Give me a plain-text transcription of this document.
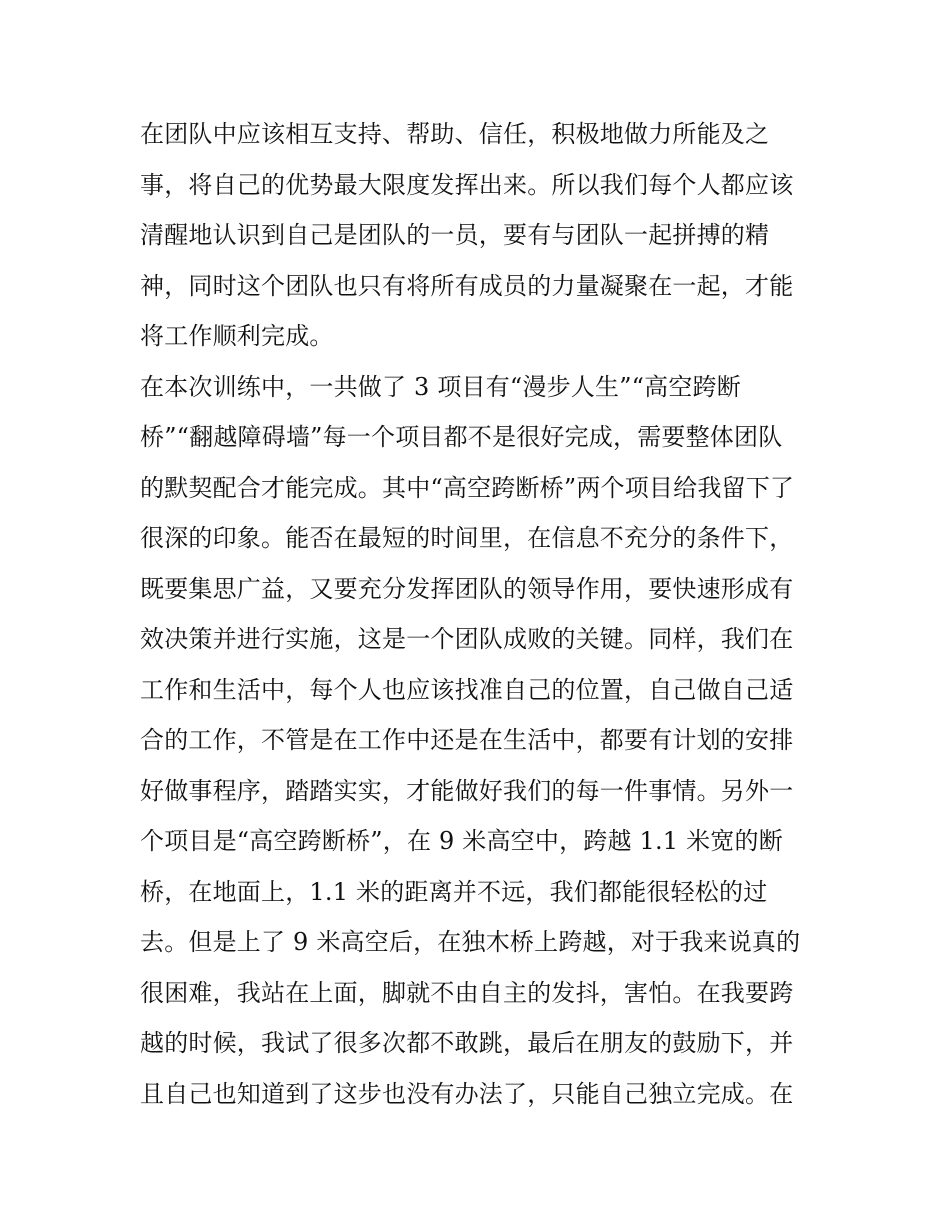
在团队中应该相互支持、帮助、信任，积极地做力所能及之
事，将自己的优势最大限度发挥出来。所以我们每个人都应该
清醒地认识到自己是团队的一员，要有与团队一起拼搏的精
神，同时这个团队也只有将所有成员的力量凝聚在一起，才能
将工作顺利完成。
在本次训练中，一共做了 3 项目有“漫步人生”“高空跨断
桥”“翻越障碍墙”每一个项目都不是很好完成，需要整体团队
的默契配合才能完成。其中“高空跨断桥”两个项目给我留下了
很深的印象。能否在最短的时间里，在信息不充分的条件下，
既要集思广益，又要充分发挥团队的领导作用，要快速形成有
效决策并进行实施，这是一个团队成败的关键。同样，我们在
工作和生活中，每个人也应该找准自己的位置，自己做自己适
合的工作，不管是在工作中还是在生活中，都要有计划的安排
好做事程序，踏踏实实，才能做好我们的每一件事情。另外一
个项目是“高空跨断桥”，在 9 米高空中，跨越 1.1 米宽的断
桥，在地面上，1.1 米的距离并不远，我们都能很轻松的过
去。但是上了 9 米高空后，在独木桥上跨越，对于我来说真的
很困难，我站在上面，脚就不由自主的发抖，害怕。在我要跨
越的时候，我试了很多次都不敢跳，最后在朋友的鼓励下，并
且自己也知道到了这步也没有办法了，只能自己独立完成。在
